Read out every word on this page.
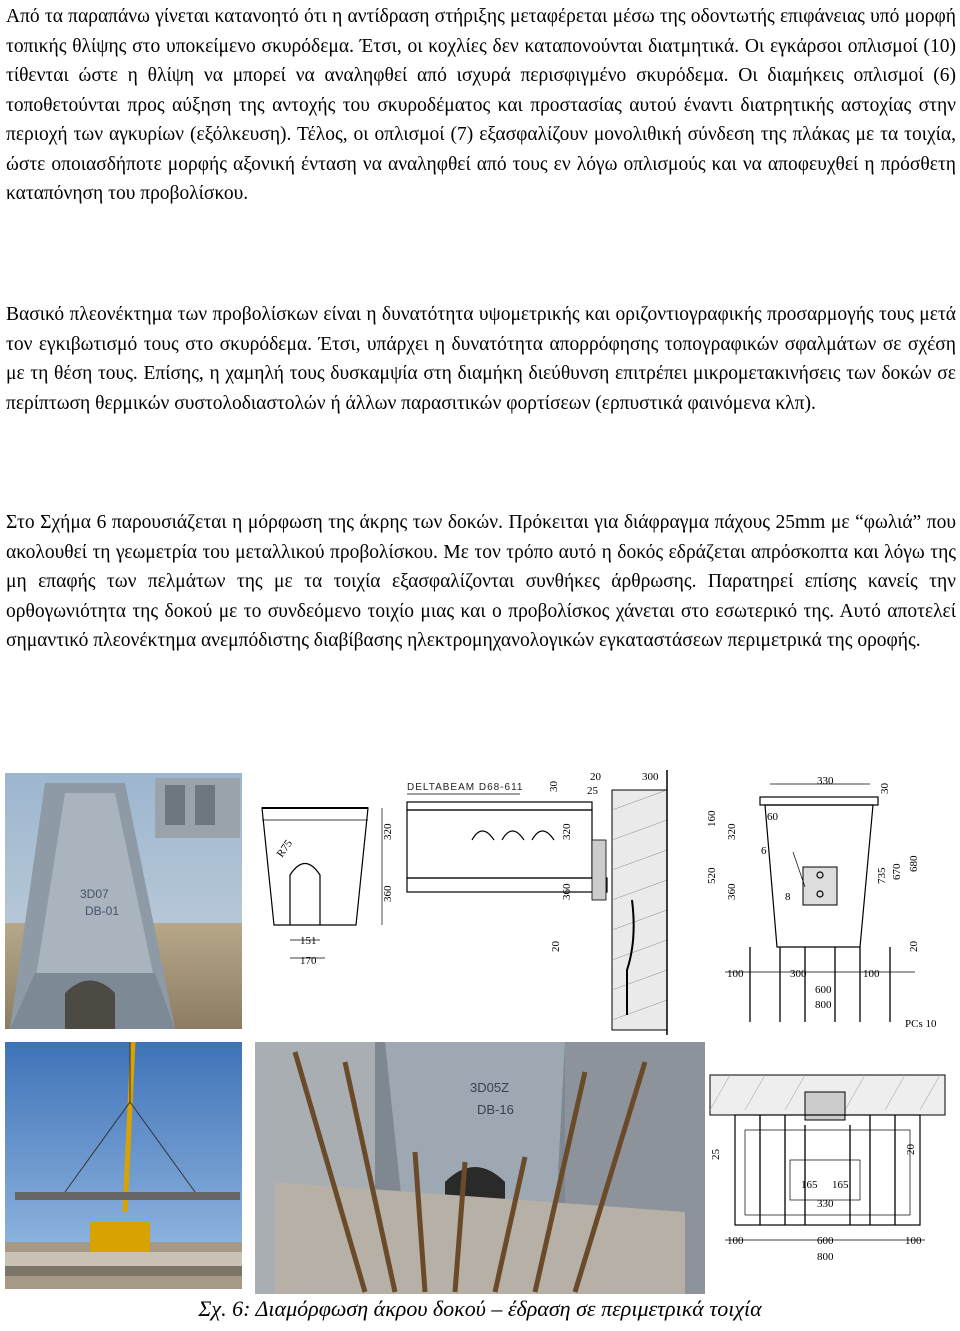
Από τα παραπάνω γίνεται κατανοητό ότι η αντίδραση στήριξης μεταφέρεται μέσω της οδοντωτής επιφάνειας υπό μορφή τοπικής θλίψης στο υποκείμενο σκυρόδεμα. Έτσι, οι κοχλίες δεν καταπονούνται διατμητικά. Οι εγκάρσοι οπλισμοί (10) τίθενται ώστε η θλίψη να μπορεί να αναληφθεί από ισχυρά περισφιγμένο σκυρόδεμα. Οι διαμήκεις οπλισμοί (6) τοποθετούνται προς αύξηση της αντοχής του σκυροδέματος και προστασίας αυτού έναντι διατρητικής αστοχίας στην περιοχή των αγκυρίων (εξόλκευση). Τέλος, οι οπλισμοί (7) εξασφαλίζουν μονολιθική σύνδεση της πλάκας με τα τοιχία, ώστε οποιασδήποτε μορφής αξονική ένταση να αναληφθεί από τους εν λόγω οπλισμούς και να αποφευχθεί η πρόσθετη καταπόνηση του προβολίσκου.

Βασικό πλεονέκτημα των προβολίσκων είναι η δυνατότητα υψομετρικής και οριζοντιογραφικής προσαρμογής τους μετά τον εγκιβωτισμό τους στο σκυρόδεμα. Έτσι, υπάρχει η δυνατότητα απορρόφησης τοπογραφικών σφαλμάτων σε σχέση με τη θέση τους. Επίσης, η χαμηλή τους δυσκαμψία στη διαμήκη διεύθυνση επιτρέπει μικρομετακινήσεις των δοκών σε περίπτωση θερμικών συστολοδιαστολών ή άλλων παρασιτικών φορτίσεων (ερπυστικά φαινόμενα κλπ).

Στο Σχήμα 6 παρουσιάζεται η μόρφωση της άκρης των δοκών. Πρόκειται για διάφραγμα πάχους 25mm με “φωλιά” που ακολουθεί τη γεωμετρία του μεταλλικού προβολίσκου. Με τον τρόπο αυτό η δοκός εδράζεται απρόσκοπτα και λόγω της μη επαφής των πελμάτων της με τα τοιχία εξασφαλίζονται συνθήκες άρθρωσης. Παρατηρεί επίσης κανείς την ορθογωνιότητα της δοκού με το συνδεόμενο τοιχίο μιας και ο προβολίσκος χάνεται στο εσωτερικό της. Αυτό αποτελεί σημαντικό πλεονέκτημα ανεμπόδιστης διαβίβασης ηλεκτρομηχανολογικών εγκαταστάσεων περιμετρικά της οροφής.

3D07
DB-01
R75
320
360
151
170
DELTABEAM D68-611 30
20
25
300
320
360
20
330
30
160
320
60
6
520
360	8
735 670 680
20
100	300	100
600
800
PCs 10
3D05Z
DB-16
25	20
165 165
330
100	100
600
800
Σχ. 6: Διαμόρφωση άκρου δοκού – έδραση σε περιμετρικά τοιχία
